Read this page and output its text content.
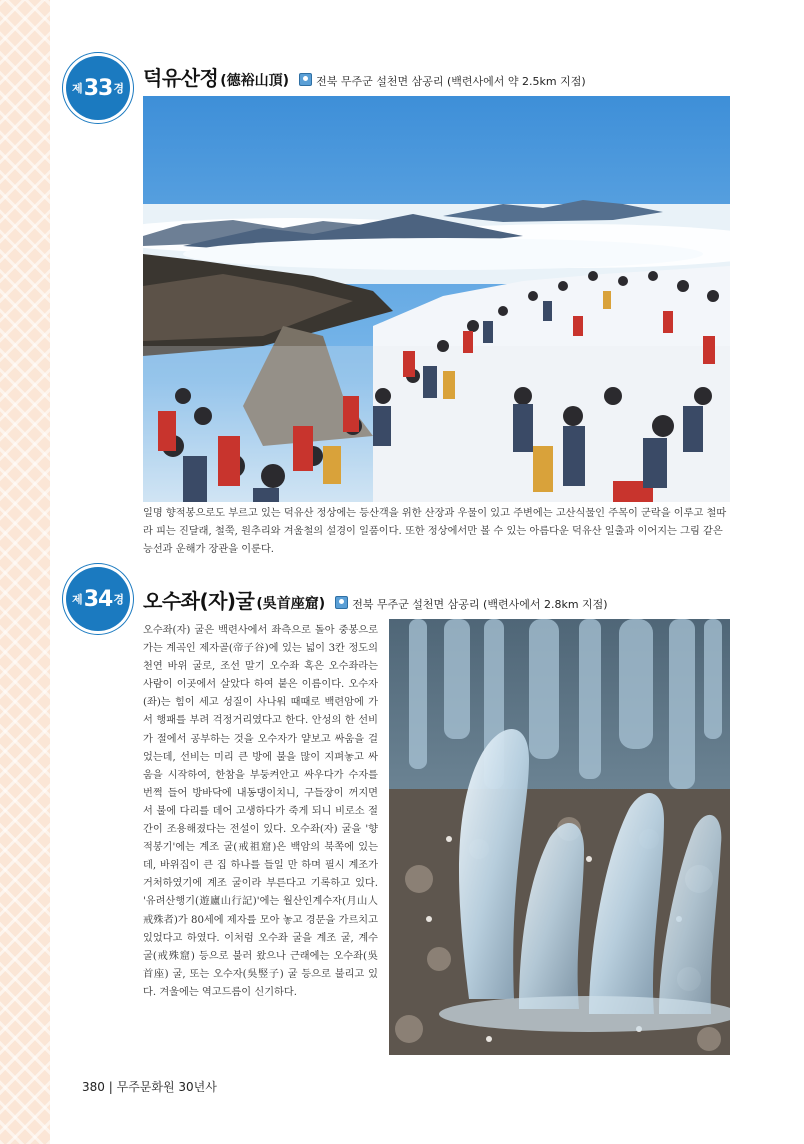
제 33 경 덕유산정 (德裕山頂) 전북 무주군 설천면 삼공리 (백련사에서 약 2.5km 지점)
일명 향적봉으로도 부르고 있는 덕유산 정상에는 등산객을 위한 산장과 우물이 있고 주변에는 고산식물인 주목이 군락을 이루고 철따라 피는 진달래, 철쭉, 원추리와 겨울철의 설경이 일품이다. 또한 정상에서만 볼 수 있는 아름다운 덕유산 일출과 이어지는 그림 같은 능선과 운해가 장관을 이룬다.
제 34 경 오수좌(자)굴 (吳首座窟) 전북 무주군 설천면 삼공리 (백련사에서 2.8km 지점)
오수좌(자) 굴은 백련사에서 좌측으로 돌아 중봉으로 가는 계곡인 제자골(帝子谷)에 있는 넓이 3칸 정도의 천연 바위 굴로, 조선 말기 오수좌 혹은 오수좌라는 사람이 이곳에서 살았다 하여 붙은 이름이다. 오수자(좌)는 힘이 세고 성질이 사나워 때때로 백련암에 가서 행패를 부려 걱정거리였다고 한다. 안성의 한 선비가 절에서 공부하는 것을 오수자가 얕보고 싸움을 걸었는데, 선비는 미리 큰 방에 불을 많이 지펴놓고 싸움을 시작하여, 한참을 부둥켜안고 싸우다가 수자를 번쩍 들어 방바닥에 내동댕이치니, 구들장이 꺼지면서 불에 다리를 데어 고생하다가 죽게 되니 비로소 절간이 조용해졌다는 전설이 있다. 오수좌(자) 굴을 '향적봉기'에는 계조 굴(戒祖窟)은 백암의 북쪽에 있는데, 바위집이 큰 집 하나를 들일 만 하며 필시 계조가 거처하였기에 계조 굴이라 부른다고 기록하고 있다. '유려산행기(遊廬山行記)'에는 월산인계수자(月山人戒殊者)가 80세에 제자를 모아 놓고 경문을 가르치고 있었다고 하였다. 이처럼 오수좌 굴을 계조 굴, 계수 굴(戒殊窟) 등으로 불러 왔으나 근래에는 오수좌(吳首座) 굴, 또는 오수자(吳竪子) 굴 등으로 불리고 있다. 겨울에는 역고드름이 신기하다.
380 | 무주문화원 30년사
